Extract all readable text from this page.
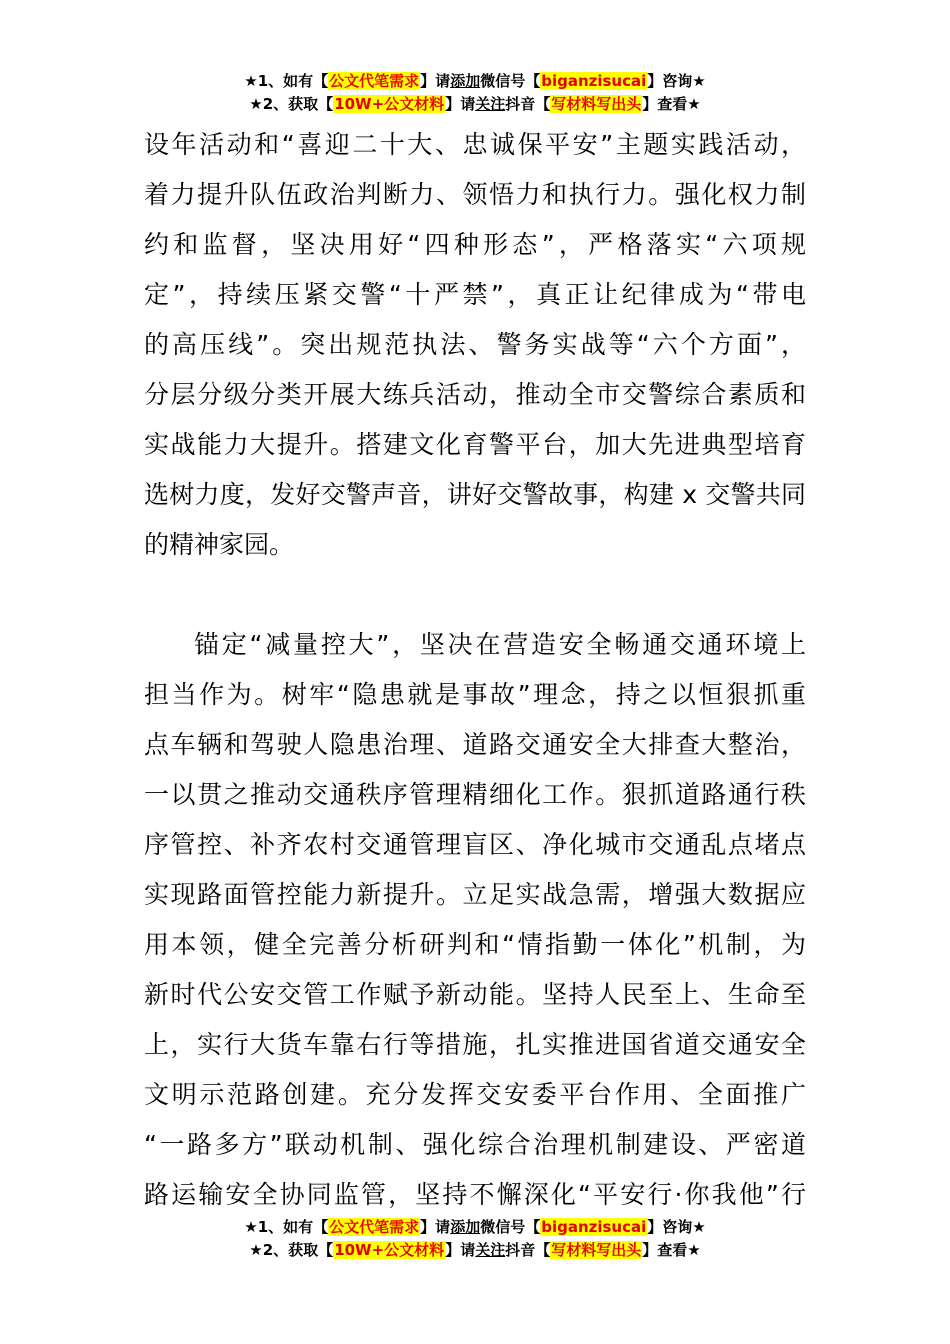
★1、如有【公文代笔需求】请添加微信号【biganzisucai】咨询★
★2、获取【10W+公文材料】请关注抖音【写材料写出头】查看★
设年活动和“喜迎二十大、忠诚保平安”主题实践活动，
着力提升队伍政治判断力、领悟力和执行力。强化权力制
约和监督，坚决用好“四种形态”，严格落实“六项规
定”，持续压紧交警“十严禁”，真正让纪律成为“带电
的高压线”。突出规范执法、警务实战等“六个方面”，
分层分级分类开展大练兵活动，推动全市交警综合素质和
实战能力大提升。搭建文化育警平台，加大先进典型培育
选树力度，发好交警声音，讲好交警故事，构建 x 交警共同
的精神家园。
锚定“减量控大”，坚决在营造安全畅通交通环境上
担当作为。树牢“隐患就是事故”理念，持之以恒狠抓重
点车辆和驾驶人隐患治理、道路交通安全大排查大整治，
一以贯之推动交通秩序管理精细化工作。狠抓道路通行秩
序管控、补齐农村交通管理盲区、净化城市交通乱点堵点
实现路面管控能力新提升。立足实战急需，增强大数据应
用本领，健全完善分析研判和“情指勤一体化”机制，为
新时代公安交管工作赋予新动能。坚持人民至上、生命至
上，实行大货车靠右行等措施，扎实推进国省道交通安全
文明示范路创建。充分发挥交安委平台作用、全面推广
“一路多方”联动机制、强化综合治理机制建设、严密道
路运输安全协同监管，坚持不懈深化“平安行·你我他”行
★1、如有【公文代笔需求】请添加微信号【biganzisucai】咨询★
★2、获取【10W+公文材料】请关注抖音【写材料写出头】查看★
